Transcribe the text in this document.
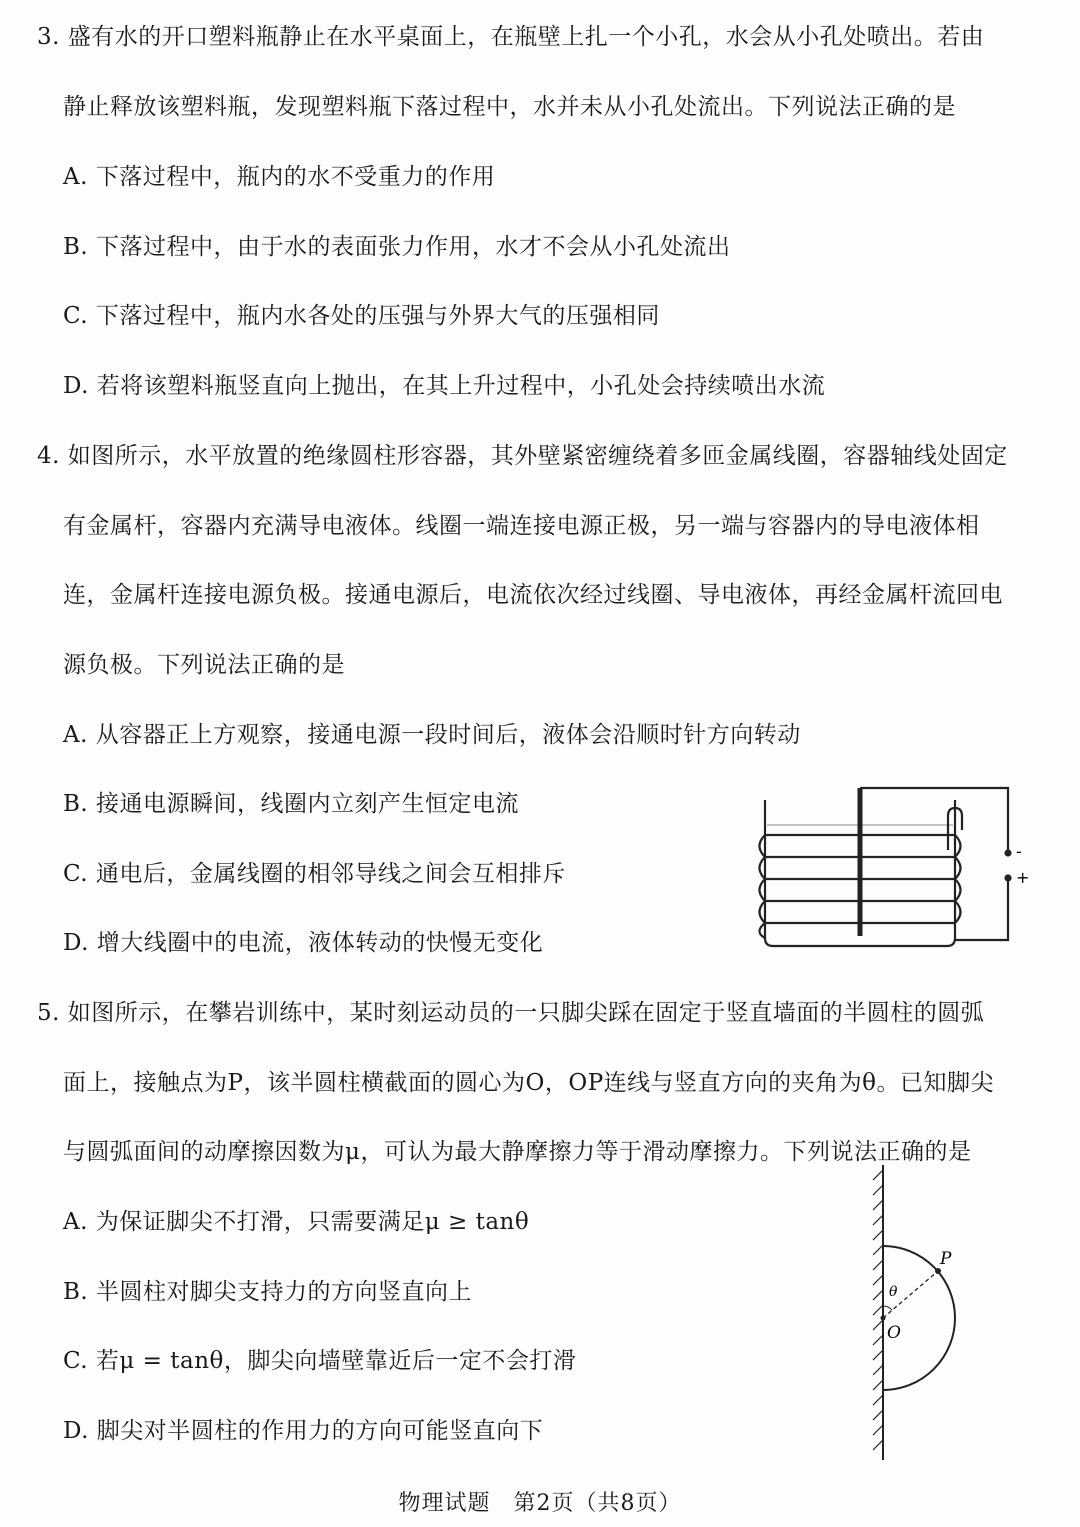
3. 盛有水的开口塑料瓶静止在水平桌面上，在瓶壁上扎一个小孔，水会从小孔处喷出。若由
静止释放该塑料瓶，发现塑料瓶下落过程中，水并未从小孔处流出。下列说法正确的是
A. 下落过程中，瓶内的水不受重力的作用
B. 下落过程中，由于水的表面张力作用，水才不会从小孔处流出
C. 下落过程中，瓶内水各处的压强与外界大气的压强相同
D. 若将该塑料瓶竖直向上抛出，在其上升过程中，小孔处会持续喷出水流
4. 如图所示，水平放置的绝缘圆柱形容器，其外壁紧密缠绕着多匝金属线圈，容器轴线处固定
有金属杆，容器内充满导电液体。线圈一端连接电源正极，另一端与容器内的导电液体相
连，金属杆连接电源负极。接通电源后，电流依次经过线圈、导电液体，再经金属杆流回电
源负极。下列说法正确的是
A. 从容器正上方观察，接通电源一段时间后，液体会沿顺时针方向转动
B. 接通电源瞬间，线圈内立刻产生恒定电流
C. 通电后，金属线圈的相邻导线之间会互相排斥
D. 增大线圈中的电流，液体转动的快慢无变化
-
+
5. 如图所示，在攀岩训练中，某时刻运动员的一只脚尖踩在固定于竖直墙面的半圆柱的圆弧
面上，接触点为P，该半圆柱横截面的圆心为O，OP连线与竖直方向的夹角为θ。已知脚尖
与圆弧面间的动摩擦因数为μ，可认为最大静摩擦力等于滑动摩擦力。下列说法正确的是
A. 为保证脚尖不打滑，只需要满足μ ≥ tanθ
B. 半圆柱对脚尖支持力的方向竖直向上
C. 若μ = tanθ，脚尖向墙壁靠近后一定不会打滑
D. 脚尖对半圆柱的作用力的方向可能竖直向下
P
O
θ
物理试题　第2页（共8页）
